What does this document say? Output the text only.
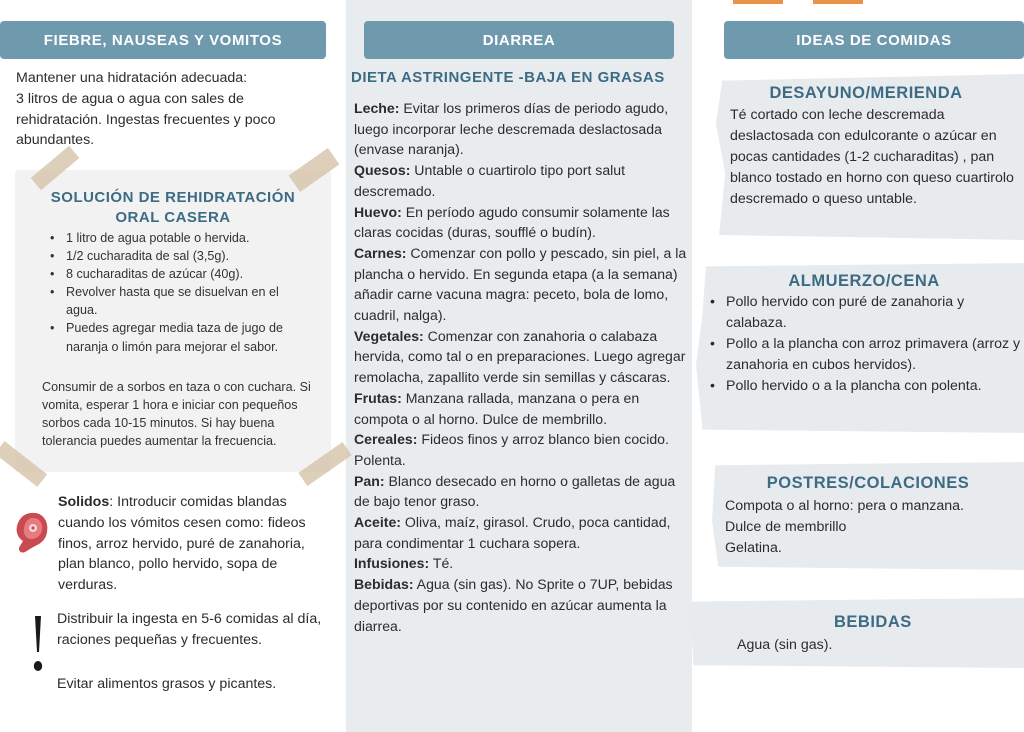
FIEBRE, NAUSEAS Y VOMITOS	DIARREA	IDEAS DE COMIDAS
Mantener una hidratación adecuada:
3 litros de agua o agua con sales de
rehidratación. Ingestas frecuentes y poco
abundantes.
SOLUCIÓN DE REHIDRATACIÓN
ORAL CASERA
• 1 litro de agua potable o hervida.
• 1/2 cucharadita de sal (3,5g).
• 8 cucharaditas de azúcar (40g).
• Revolver hasta que se disuelvan en el agua.
• Puedes agregar media taza de jugo de naranja o limón para mejorar el sabor.
Consumir de a sorbos en taza o con cuchara. Si vomita, esperar 1 hora e iniciar con pequeños sorbos cada 10-15 minutos. Si hay buena tolerancia puedes aumentar la frecuencia.
Solidos: Introducir comidas blandas cuando los vómitos cesen como: fideos finos, arroz hervido, puré de zanahoria, plan blanco, pollo hervido, sopa de verduras.
Distribuir la ingesta en 5-6 comidas al día, raciones pequeñas y frecuentes.
Evitar alimentos grasos y picantes.
DIETA ASTRINGENTE -BAJA EN GRASAS

Leche: Evitar los primeros días de periodo agudo, luego incorporar leche descremada deslactosada (envase naranja).

Quesos: Untable o cuartirolo tipo port salut descremado.

Huevo: En período agudo consumir solamente las claras cocidas (duras, soufflé o budín).

Carnes: Comenzar con pollo y pescado, sin piel, a la plancha o hervido. En segunda etapa (a la semana) añadir carne vacuna magra: peceto, bola de lomo, cuadril, nalga).

Vegetales: Comenzar con zanahoria o calabaza hervida, como tal o en preparaciones. Luego agregar remolacha, zapallito verde sin semillas y cáscaras.

Frutas: Manzana rallada, manzana o pera en compota o al horno. Dulce de membrillo.

Cereales: Fideos finos y arroz blanco bien cocido. Polenta.

Pan: Blanco desecado en horno o galletas de agua de bajo tenor graso.

Aceite: Oliva, maíz, girasol. Crudo, poca cantidad, para condimentar 1 cuchara sopera.

Infusiones: Té.

Bebidas: Agua (sin gas). No Sprite o 7UP, bebidas deportivas por su contenido en azúcar aumenta la diarrea.

DESAYUNO/MERIENDA
Té cortado con leche descremada deslactosada con edulcorante o azúcar en pocas cantidades (1-2 cucharaditas) , pan blanco tostado en horno con queso cuartirolo descremado o queso untable.
ALMUERZO/CENA
• Pollo hervido con puré de zanahoria y calabaza.
• Pollo a la plancha con arroz primavera (arroz y zanahoria en cubos hervidos).
• Pollo hervido o a la plancha con polenta.
POSTRES/COLACIONES
Compota o al horno: pera o manzana.
Dulce de membrillo
Gelatina.
BEBIDAS
Agua (sin gas).
